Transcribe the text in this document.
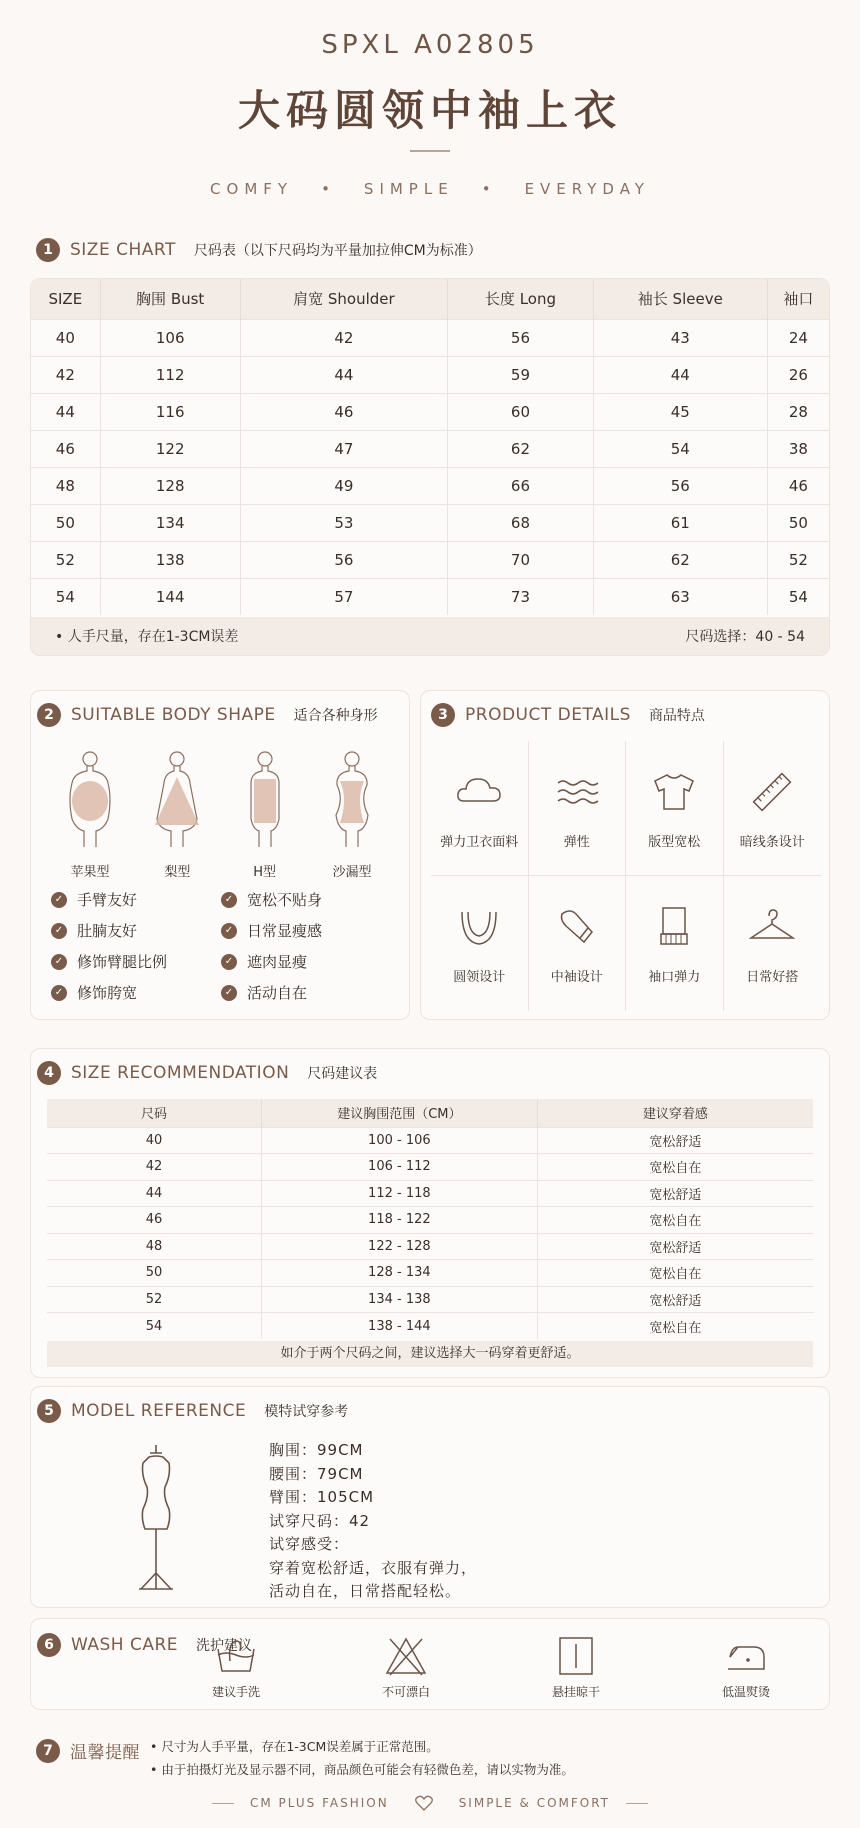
SPXL A02805
大码圆领中袖上衣
COMFY • SIMPLE • EVERYDAY
1	SIZE CHART 尺码表（以下尺码均为平量加拉伸CM为标准）
SIZE	胸围 Bust	肩宽 Shoulder	长度 Long	袖长 Sleeve	袖口
40	106	42	56	43	24
42	112	44	59	44	26
44	116	46	60	45	28
46	122	47	62	54	38
48	128	49	66	56	46
50	134	53	68	61	50
52	138	56	70	62	52
54	144	57	73	63	54
• 人手尺量，存在1-3CM误差	尺码选择：40 - 54
2	SUITABLE BODY SHAPE 适合各种身形
苹果型	梨型	H型	沙漏型
✓ 手臂友好	✓ 宽松不贴身
✓ 肚腩友好	✓ 日常显瘦感
✓ 修饰臂腿比例	✓ 遮肉显瘦
✓ 修饰胯宽	✓ 活动自在
3	PRODUCT DETAILS 商品特点
弹力卫衣面料	弹性	版型宽松	暗线条设计
圆领设计	中袖设计	袖口弹力	日常好搭
4	SIZE RECOMMENDATION 尺码建议表
尺码	建议胸围范围（CM）	建议穿着感
40	100 - 106	宽松舒适
42	106 - 112	宽松自在
44	112 - 118	宽松舒适
46	118 - 122	宽松自在
48	122 - 128	宽松舒适
50	128 - 134	宽松自在
52	134 - 138	宽松舒适
54	138 - 144	宽松自在
如介于两个尺码之间，建议选择大一码穿着更舒适。
5	MODEL REFERENCE 模特试穿参考
胸围：99CM
腰围：79CM
臂围：105CM
试穿尺码：42
试穿感受：
穿着宽松舒适，衣服有弹力，
活动自在，日常搭配轻松。
6	WASH CARE 洗护建议
建议手洗	不可漂白	悬挂晾干	低温熨烫
7	温馨提醒 • 尺寸为人手平量，存在1-3CM误差属于正常范围。
• 由于拍摄灯光及显示器不同，商品颜色可能会有轻微色差，请以实物为准。
CM PLUS FASHION	SIMPLE & COMFORT
